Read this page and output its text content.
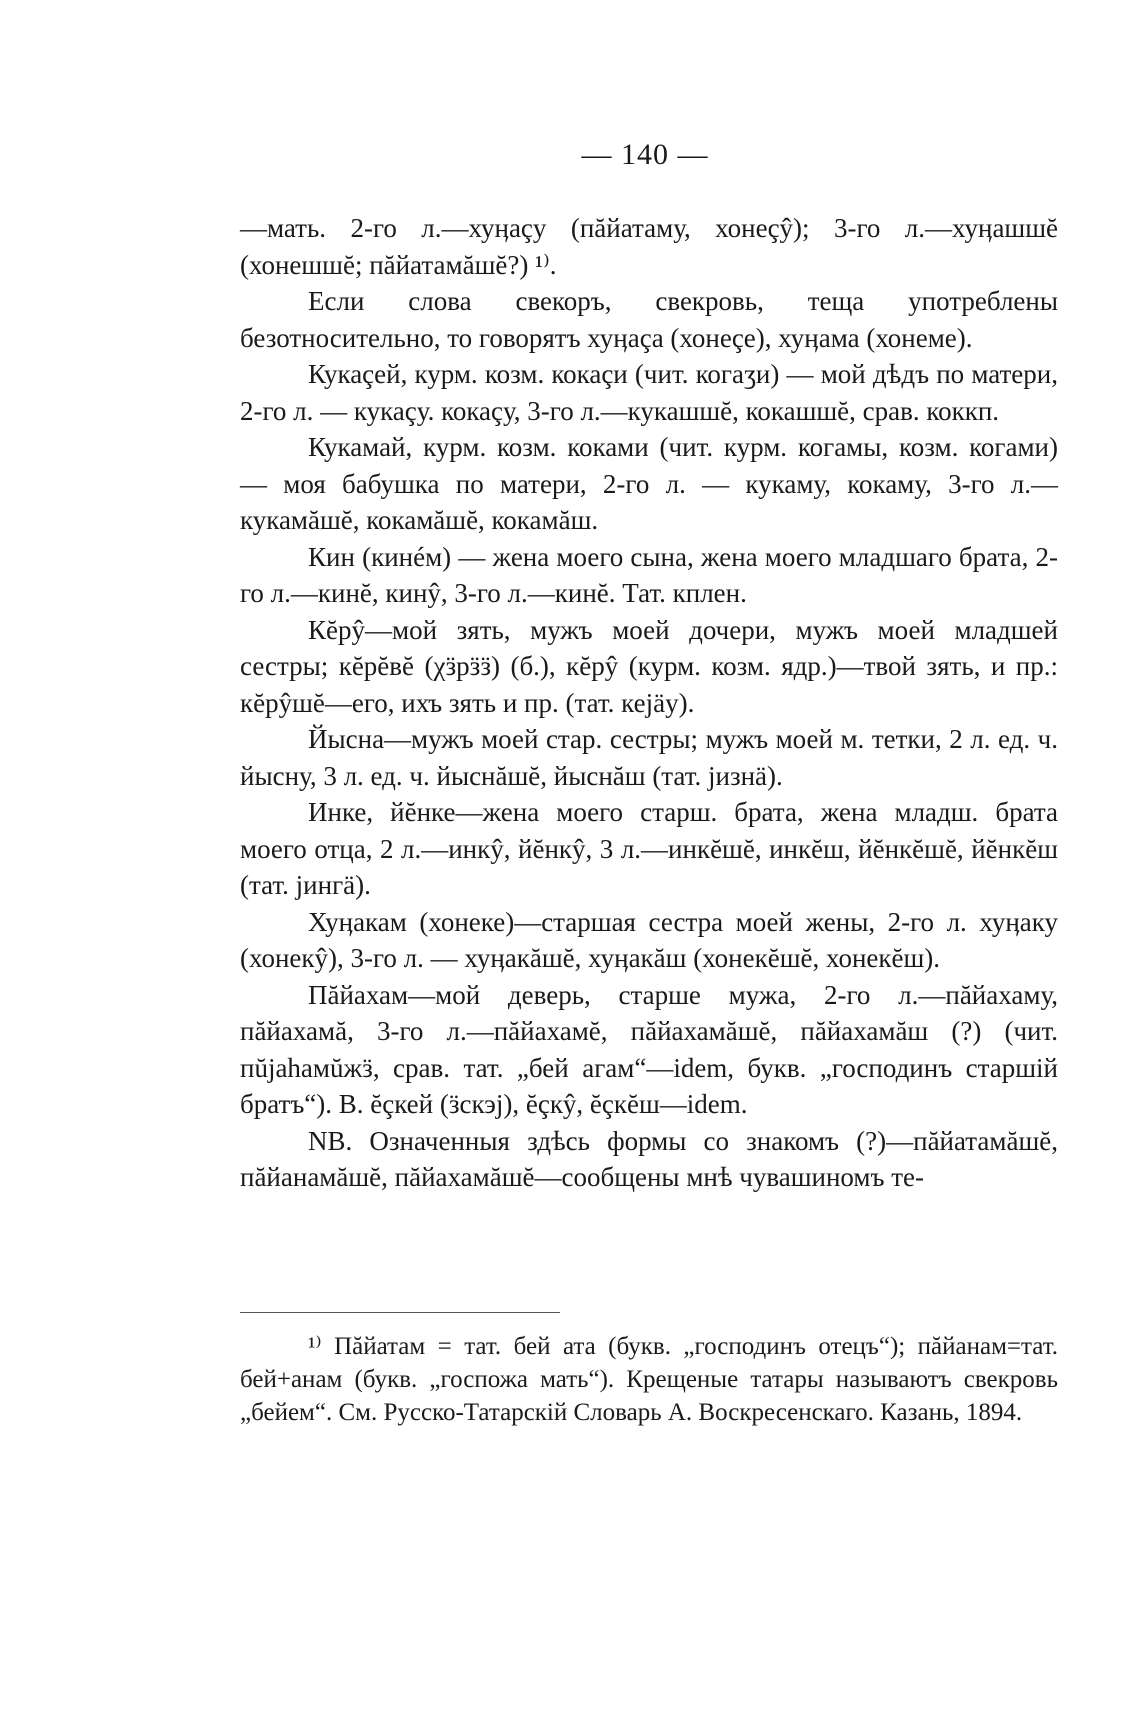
— 140 —

—мать. 2-го л.—хуӊаçу (пăйатаму, хонеçŷ); 3-го л.—хуӊашшĕ (хонешшĕ; пăйатамăшĕ?) ¹⁾.

Если слова свекоръ, свекровь, теща употреблены безотносительно, то говорятъ хуӊаçа (хонеçе), хуӊама (хонеме).

Кукаçей, курм. козм. кокаçи (чит. когаӡи) — мой дѣдъ по матери, 2-го л. — кукаçу. кокаçу, 3-го л.—кукашшĕ, кокашшĕ, срав. коккп.

Кукамай, курм. козм. коками (чит. курм. когамы, козм. когами) — моя бабушка по матери, 2-го л. — кукаму, кокаму, 3-го л.—кукамăшĕ, кокамăшĕ, кокамăш.

Кин (кинéм) — жена моего сына, жена моего младшаго брата, 2-го л.—кинĕ, кинŷ, 3-го л.—кинĕ. Тат. кплен.

Кĕрŷ—мой зять, мужъ моей дочери, мужъ моей младшей сестры; кĕрĕвĕ (χӟрӟӟ) (б.), кĕрŷ (курм. козм. ядр.)—твой зять, и пр.: кĕрŷшĕ—его, ихъ зять и пр. (тат. кејӓу).

Йысна—мужъ моей стар. сестры; мужъ моей м. тетки, 2 л. ед. ч. йысну, 3 л. ед. ч. йыснăшĕ, йыснăш (тат. јизнӓ).

Инке, йĕнке—жена моего старш. брата, жена младш. брата моего отца, 2 л.—инкŷ, йĕнкŷ, 3 л.—инкĕшĕ, инкĕш, йĕнкĕшĕ, йĕнкĕш (тат. јингӓ).

Хуӊакам (хонеке)—старшая сестра моей жены, 2-го л. хуӊаку (хонекŷ), 3-го л. — хуӊакăшĕ, хуӊакăш (хонекĕшĕ, хонекĕш).

Пăйахам—мой деверь, старше мужа, 2-го л.—пăйахаму, пăйахамă, 3-го л.—пăйахамĕ, пăйахамăшĕ, пăйахамăш (?) (чит. пŭјаһамŭжӟ, срав. тат. „бей агам“—idem, букв. „господинъ старшій братъ“). В. ĕçкей (ӟскэј), ĕçкŷ, ĕçкĕш—idem.

NB. Означенныя здѣсь формы со знакомъ (?)—пăйатамăшĕ, пăйанамăшĕ, пăйахамăшĕ—сообщены мнѣ чувашиномъ те-

¹⁾ Пăйатам = тат. бей ата (букв. „господинъ отецъ“); пăйанам=тат. бей+анам (букв. „госпожа мать“). Крещеные татары называютъ свекровь „бейем“. См. Русско-Татарскій Словарь А. Воскресенскаго. Казань, 1894.
